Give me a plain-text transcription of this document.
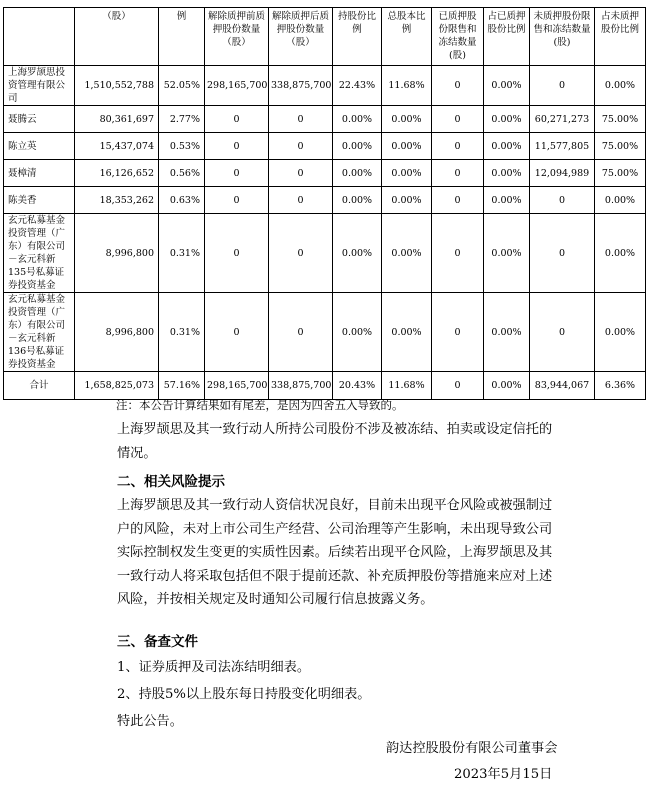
	（股）	例	解除质押前质押股份数量（股）	解除质押后质押股份数量（股）	持股份比例	总股本比例	已质押股份限售和冻结数量(股)	占已质押股份比例	未质押股份限售和冻结数量(股)	占未质押股份比例
上海罗颉思投资管理有限公司	1,510,552,788	52.05%	298,165,700	338,875,700	22.43%	11.68%	0	0.00%	0	0.00%
聂腾云	80,361,697	2.77%	0	0	0.00%	0.00%	0	0.00%	60,271,273	75.00%
陈立英	15,437,074	0.53%	0	0	0.00%	0.00%	0	0.00%	11,577,805	75.00%
聂樟清	16,126,652	0.56%	0	0	0.00%	0.00%	0	0.00%	12,094,989	75.00%
陈美香	18,353,262	0.63%	0	0	0.00%	0.00%	0	0.00%	0	0.00%
玄元私募基金投资管理（广东）有限公司－玄元科新135号私募证券投资基金	8,996,800	0.31%	0	0	0.00%	0.00%	0	0.00%	0	0.00%
玄元私募基金投资管理（广东）有限公司－玄元科新136号私募证券投资基金	8,996,800	0.31%	0	0	0.00%	0.00%	0	0.00%	0	0.00%
合计	1,658,825,073	57.16%	298,165,700	338,875,700	20.43%	11.68%	0	0.00%	83,944,067	6.36%
注：本公告计算结果如有尾差，是因为四舍五入导致的。
上海罗颉思及其一致行动人所持公司股份不涉及被冻结、拍卖或设定信托的情况。
二、相关风险提示
上海罗颉思及其一致行动人资信状况良好，目前未出现平仓风险或被强制过户的风险，未对上市公司生产经营、公司治理等产生影响，未出现导致公司实际控制权发生变更的实质性因素。后续若出现平仓风险，上海罗颉思及其一致行动人将采取包括但不限于提前还款、补充质押股份等措施来应对上述风险，并按相关规定及时通知公司履行信息披露义务。
三、备查文件
1、证券质押及司法冻结明细表。
2、持股5%以上股东每日持股变化明细表。
特此公告。
韵达控股股份有限公司董事会
2023年5月15日
